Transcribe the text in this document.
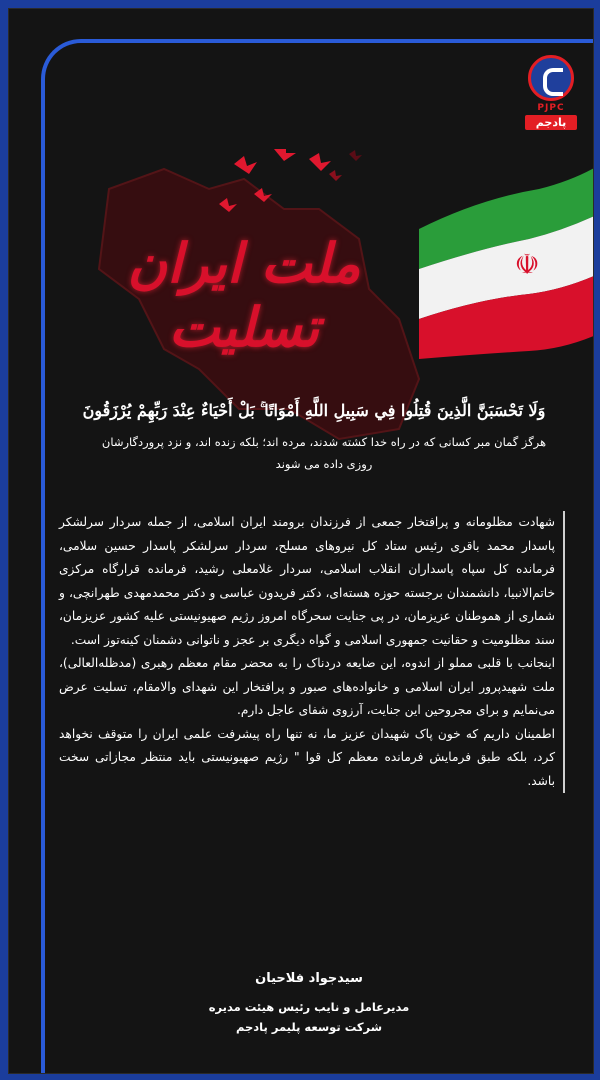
PJPC
پادجم
☫
ملت ایران تسلیت

وَلَا تَحْسَبَنَّ الَّذِينَ قُتِلُوا فِي سَبِيلِ اللَّهِ أَمْوَاتًا ۚ بَلْ أَحْيَاءٌ عِنْدَ رَبِّهِمْ يُرْزَقُونَ

هرگز گمان مبر کسانی که در راه خدا کشته شدند، مرده اند؛ بلکه زنده اند، و نزد پروردگارشان روزی داده می شوند

شهادت مظلومانه و پرافتخار جمعی از فرزندان برومند ایران اسلامی، از جمله سردار سرلشکر پاسدار محمد باقری رئیس ستاد کل نیروهای مسلح، سردار سرلشکر پاسدار حسین سلامی، فرمانده کل سپاه پاسداران انقلاب اسلامی، سردار غلامعلی رشید، فرمانده قرارگاه مرکزی خاتم‌الانبیا، دانشمندان برجسته حوزه هسته‌ای، دکتر فریدون عباسی و دکتر محمدمهدی طهرانچی، و شماری از هموطنان عزیزمان، در پی جنایت سحرگاه امروز رژیم صهیونیستی علیه کشور عزیزمان، سند مظلومیت و حقانیت جمهوری اسلامی و گواه دیگری بر عجز و ناتوانی دشمنان کینه‌توز است.

اینجانب با قلبی مملو از اندوه، این ضایعه دردناک را به محضر مقام معظم رهبری (مدظله‌العالی)، ملت شهیدپرور ایران اسلامی و خانواده‌های صبور و پرافتخار این شهدای والامقام، تسلیت عرض می‌نمایم و برای مجروحین این جنایت، آرزوی شفای عاجل دارم.

اطمینان داریم که خون پاک شهیدان عزیز ما، نه تنها راه پیشرفت علمی ایران را متوقف نخواهد کرد، بلکه طبق فرمایش فرمانده معظم کل قوا " رژیم صهیونیستی باید منتظر مجازاتی سخت باشد.

سیدجواد فلاحیان

مدیرعامل و نایب رئیس هیئت مدیره

شرکت توسعه پلیمر پادجم
